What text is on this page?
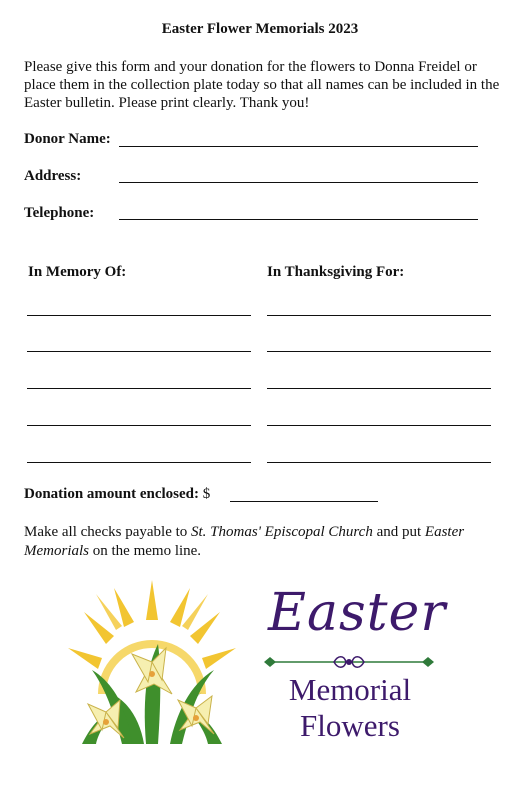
Easter Flower Memorials 2023
Please give this form and your donation for the flowers to Donna Freidel or place them in the collection plate today so that all names can be included in the Easter bulletin. Please print clearly. Thank you!
Donor Name:
Address:
Telephone:
In Memory Of:	In Thanksgiving For:
Donation amount enclosed: $
Make all checks payable to St. Thomas' Episcopal Church and put Easter Memorials on the memo line.
Easter
Memorial
Flowers
